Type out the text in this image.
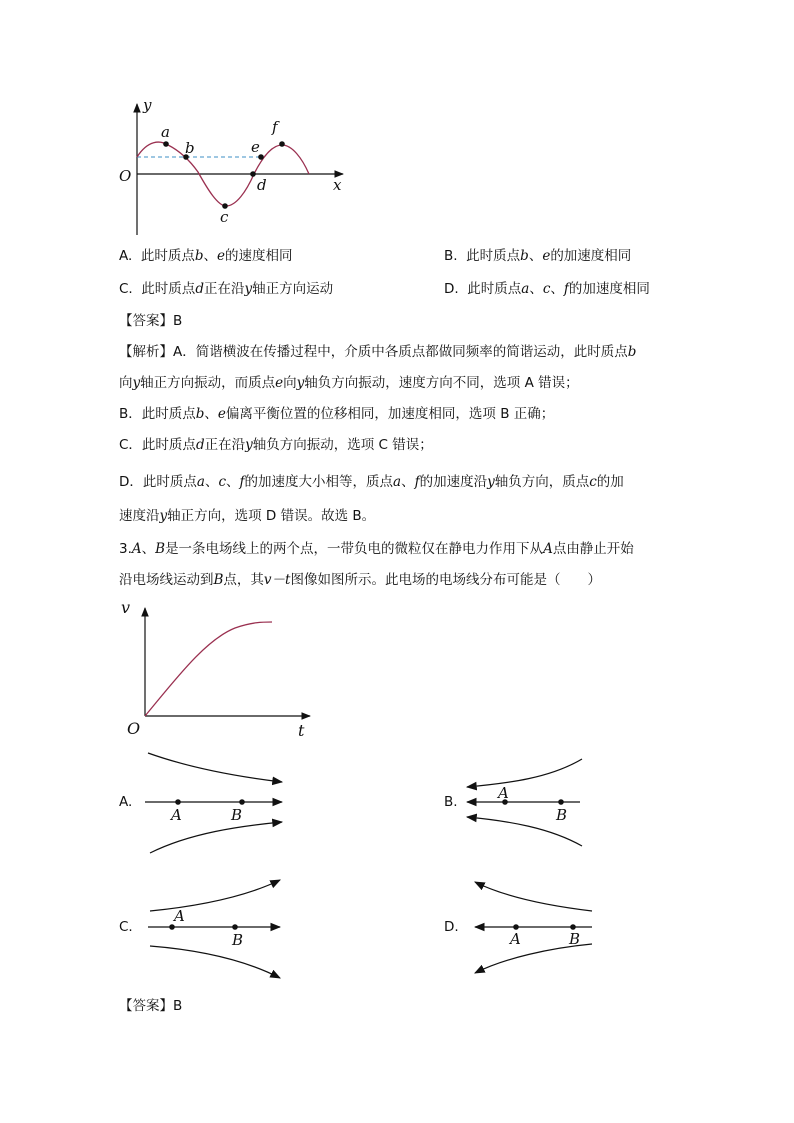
y
x
O
a
b
c
d
e
f
A. 此时质点b、e的速度相同	B. 此时质点b、e的加速度相同
C. 此时质点d正在沿y轴正方向运动	D. 此时质点a、c、f的加速度相同
【答案】B
【解析】A．简谐横波在传播过程中，介质中各质点都做同频率的简谐运动，此时质点b
向y轴正方向振动，而质点e向y轴负方向振动，速度方向不同，选项 A 错误；
B．此时质点b、e偏离平衡位置的位移相同，加速度相同，选项 B 正确；
C．此时质点d正在沿y轴负方向振动，选项 C 错误；
D．此时质点a、c、f的加速度大小相等，质点a、f的加速度沿y轴负方向，质点c的加
速度沿y轴正方向，选项 D 错误。故选 B。
3.A、B是一条电场线上的两个点，一带负电的微粒仅在静电力作用下从A点由静止开始
沿电场线运动到B点，其v－t图像如图所示。此电场的电场线分布可能是（　　）
v
t
O
A.
A	B
B.	A
B
C.
A
B
D.
A	B
【答案】B
